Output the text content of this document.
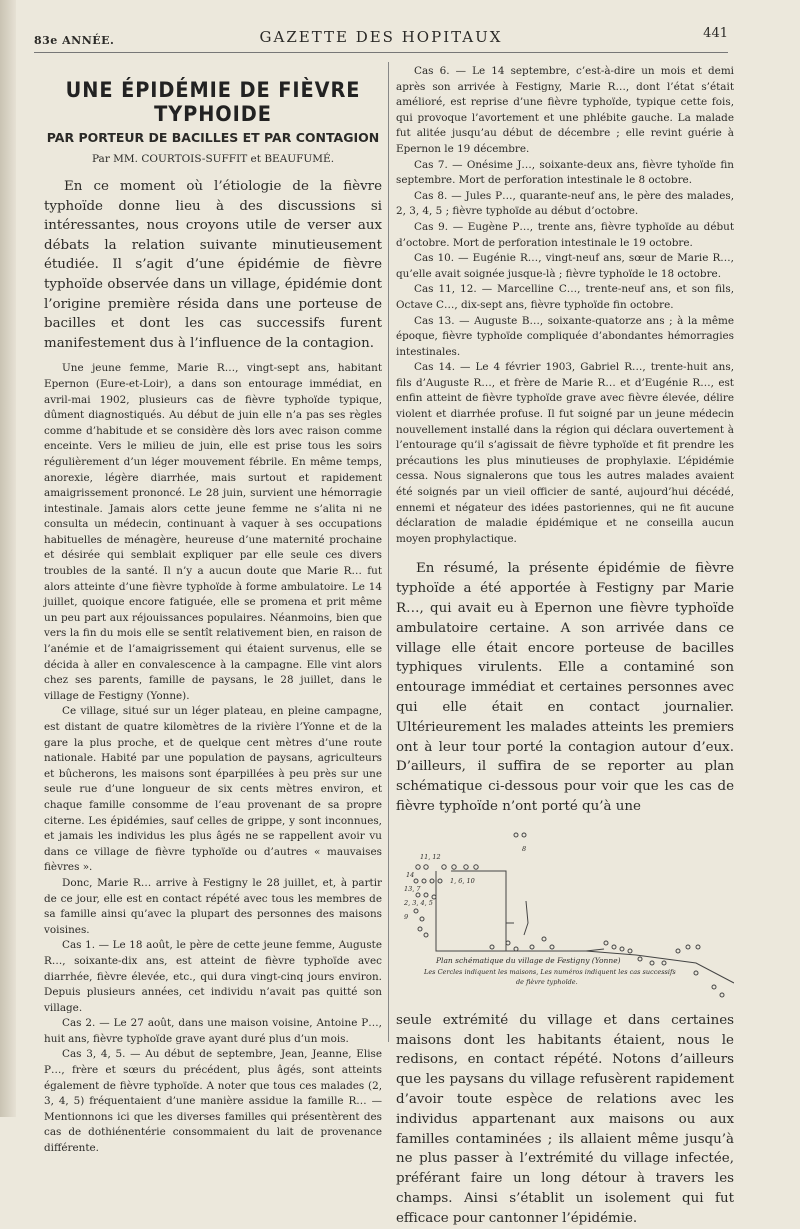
83e ANNÉE.	GAZETTE DES HOPITAUX	441
UNE ÉPIDÉMIE DE FIÈVRE TYPHOIDE
PAR PORTEUR DE BACILLES ET PAR CONTAGION
Par MM. COURTOIS-SUFFIT et BEAUFUMÉ.

En ce moment où l’étiologie de la fièvre typhoïde donne lieu à des discussions si intéressantes, nous croyons utile de verser aux débats la relation suivante minutieusement étudiée. Il s’agit d’une épidémie de fièvre typhoïde observée dans un village, épidémie dont l’origine première résida dans une porteuse de bacilles et dont les cas successifs furent manifestement dus à l’influence de la contagion.

Une jeune femme, Marie R…, vingt-sept ans, habitant Epernon (Eure-et-Loir), a dans son entourage immédiat, en avril-mai 1902, plusieurs cas de fièvre typhoïde typique, dûment diagnostiqués. Au début de juin elle n’a pas ses règles comme d’habitude et se considère dès lors avec raison comme enceinte. Vers le milieu de juin, elle est prise tous les soirs régulièrement d’un léger mouvement fébrile. En même temps, anorexie, légère diarrhée, mais surtout et rapidement amaigrissement prononcé. Le 28 juin, survient une hémorragie intestinale. Jamais alors cette jeune femme ne s’alita ni ne consulta un médecin, continuant à vaquer à ses occupations habituelles de ménagère, heureuse d’une maternité prochaine et désirée qui semblait expliquer par elle seule ces divers troubles de la santé. Il n’y a aucun doute que Marie R… fut alors atteinte d’une fièvre typhoïde à forme ambulatoire. Le 14 juillet, quoique encore fatiguée, elle se promena et prit même un peu part aux réjouissances populaires. Néanmoins, bien que vers la fin du mois elle se sentît relativement bien, en raison de l’anémie et de l’amaigrissement qui étaient survenus, elle se décida à aller en convalescence à la campagne. Elle vint alors chez ses parents, famille de paysans, le 28 juillet, dans le village de Festigny (Yonne).

Ce village, situé sur un léger plateau, en pleine campagne, est distant de quatre kilomètres de la rivière l’Yonne et de la gare la plus proche, et de quelque cent mètres d’une route nationale. Habité par une population de paysans, agriculteurs et bûcherons, les maisons sont éparpillées à peu près sur une seule rue d’une longueur de six cents mètres environ, et chaque famille consomme de l’eau provenant de sa propre citerne. Les épidémies, sauf celles de grippe, y sont inconnues, et jamais les individus les plus âgés ne se rappellent avoir vu dans ce village de fièvre typhoïde ou d’autres « mauvaises fièvres ».

Donc, Marie R… arrive à Festigny le 28 juillet, et, à partir de ce jour, elle est en contact répété avec tous les membres de sa famille ainsi qu’avec la plupart des personnes des maisons voisines.

Cas 1. — Le 18 août, le père de cette jeune femme, Auguste R…, soixante-dix ans, est atteint de fièvre typhoïde avec diarrhée, fièvre élevée, etc., qui dura vingt-cinq jours environ. Depuis plusieurs années, cet individu n’avait pas quitté son village.

Cas 2. — Le 27 août, dans une maison voisine, Antoine P…, huit ans, fièvre typhoïde grave ayant duré plus d’un mois.

Cas 3, 4, 5. — Au début de septembre, Jean, Jeanne, Elise P…, frère et sœurs du précédent, plus âgés, sont atteints également de fièvre typhoïde. A noter que tous ces malades (2, 3, 4, 5) fréquentaient d’une manière assidue la famille R… — Mentionnons ici que les diverses familles qui présentèrent des cas de dothiénentérie consommaient du lait de provenance différente.

Cas 6. — Le 14 septembre, c’est-à-dire un mois et demi après son arrivée à Festigny, Marie R…, dont l’état s’était amélioré, est reprise d’une fièvre typhoïde, typique cette fois, qui provoque l’avortement et une phlébite gauche. La malade fut alitée jusqu’au début de décembre ; elle revint guérie à Epernon le 19 décembre.

Cas 7. — Onésime J…, soixante-deux ans, fièvre tyhoïde fin septembre. Mort de perforation intestinale le 8 octobre.

Cas 8. — Jules P…, quarante-neuf ans, le père des malades, 2, 3, 4, 5 ; fièvre typhoïde au début d’octobre.

Cas 9. — Eugène P…, trente ans, fièvre typhoïde au début d’octobre. Mort de perforation intestinale le 19 octobre.

Cas 10. — Eugénie R…, vingt-neuf ans, sœur de Marie R…, qu’elle avait soignée jusque-là ; fièvre typhoïde le 18 octobre.

Cas 11, 12. — Marcelline C…, trente-neuf ans, et son fils, Octave C…, dix-sept ans, fièvre typhoïde fin octobre.

Cas 13. — Auguste B…, soixante-quatorze ans ; à la même époque, fièvre typhoïde compliquée d’abondantes hémorragies intestinales.

Cas 14. — Le 4 février 1903, Gabriel R…, trente-huit ans, fils d’Auguste R…, et frère de Marie R… et d’Eugénie R…, est enfin atteint de fièvre typhoïde grave avec fièvre élevée, délire violent et diarrhée profuse. Il fut soigné par un jeune médecin nouvellement installé dans la région qui déclara ouvertement à l’entourage qu’il s’agissait de fièvre typhoïde et fit prendre les précautions les plus minutieuses de prophylaxie. L’épidémie cessa. Nous signalerons que tous les autres malades avaient été soignés par un vieil officier de santé, aujourd’hui décédé, ennemi et négateur des idées pastoriennes, qui ne fit aucune déclaration de maladie épidémique et ne conseilla aucun moyen prophylactique.

En résumé, la présente épidémie de fièvre typhoïde a été apportée à Festigny par Marie R…, qui avait eu à Epernon une fièvre typhoïde ambulatoire certaine. A son arrivée dans ce village elle était encore porteuse de bacilles typhiques virulents. Elle a contaminé son entourage immédiat et certaines personnes avec qui elle était en contact journalier. Ultérieurement les malades atteints les premiers ont à leur tour porté la contagion autour d’eux. D’ailleurs, il suffira de se reporter au plan schématique ci-dessous pour voir que les cas de fièvre typhoïde n’ont porté qu’à une

11, 12
14
1, 6, 10
13, 7
2, 3, 4, 5
8
9
Plan schématique du village de Festigny (Yonne)
Les Cercles indiquent les maisons, Les numéros indiquent les cas successifs
de fièvre typhoïde.

seule extrémité du village et dans certaines maisons dont les habitants étaient, nous le redisons, en contact répété. Notons d’ailleurs que les paysans du village refusèrent rapidement d’avoir toute espèce de relations avec les individus appartenant aux maisons ou aux familles contaminées ; ils allaient même jusqu’à ne plus passer à l’extrémité du village infectée, préférant faire un long détour à travers les champs. Ainsi s’établit un isolement qui fut efficace pour cantonner l’épidémie.
